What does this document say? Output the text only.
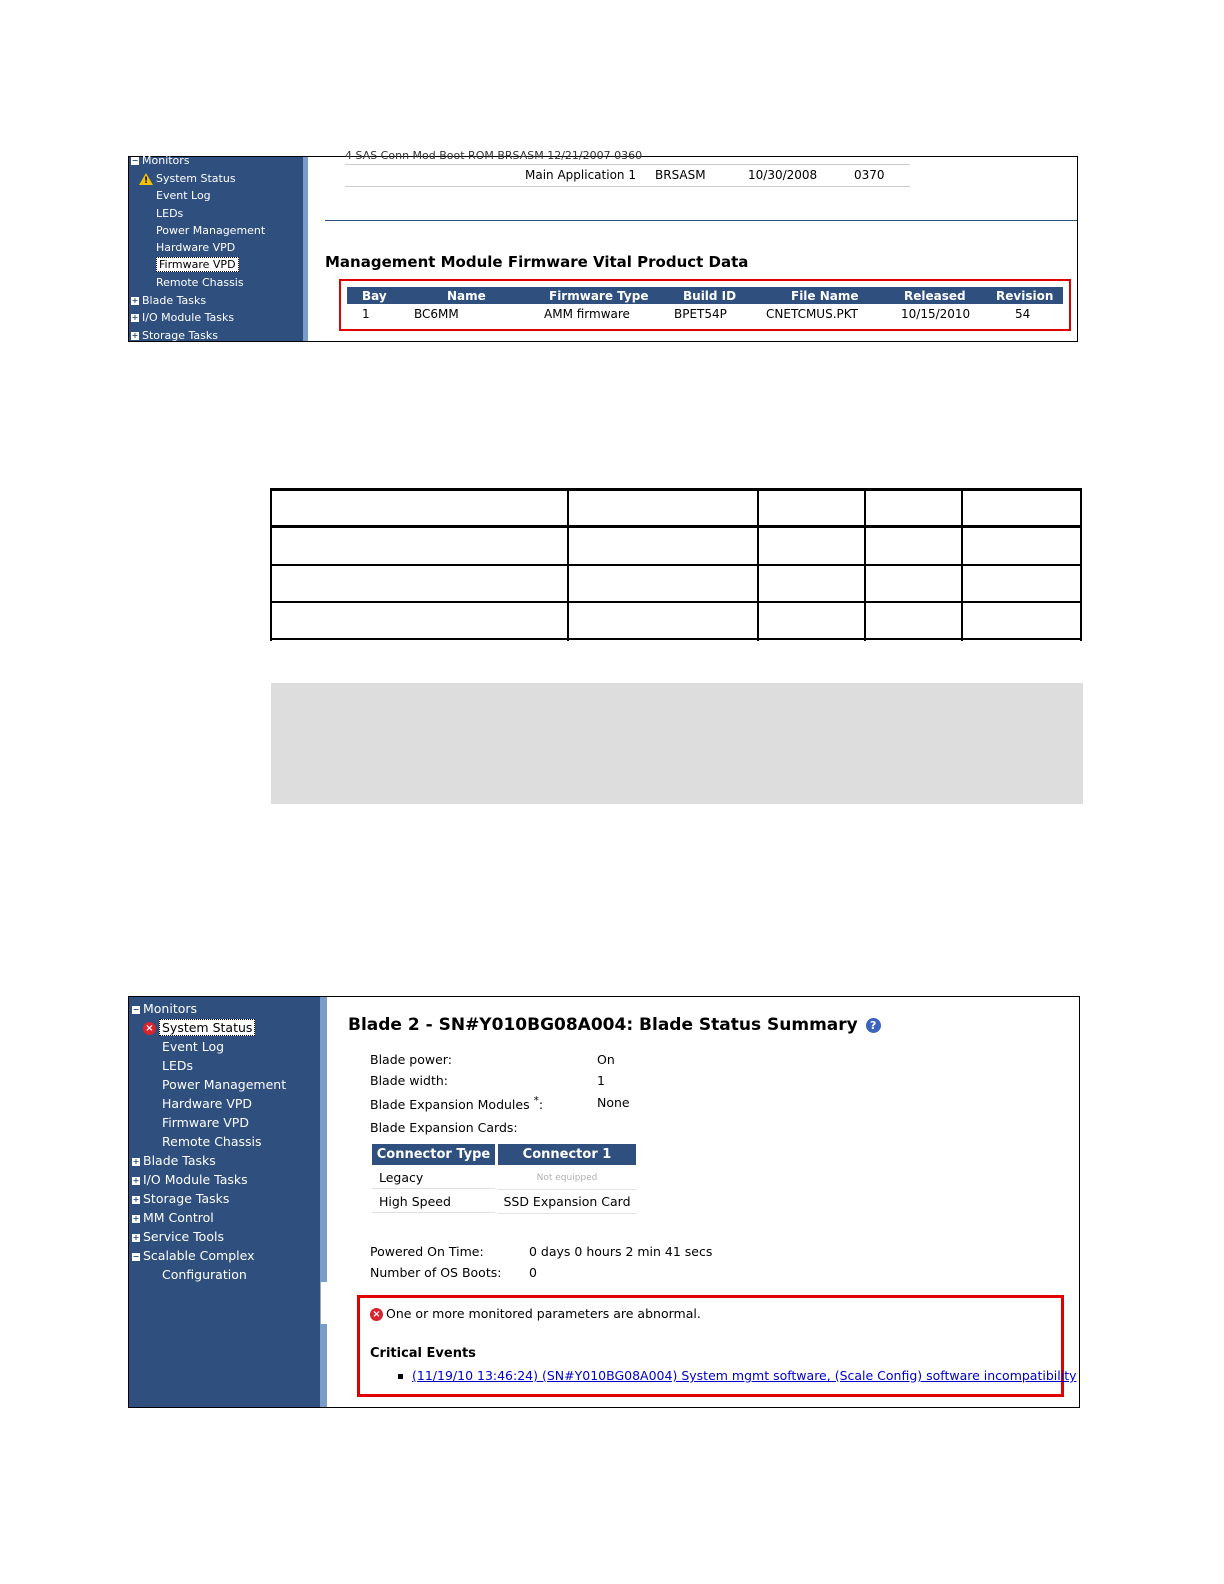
− Monitors
! System Status
Event Log
LEDs
Power Management
Hardware VPD
Firmware VPD
Remote Chassis
+ Blade Tasks
+ I/O Module Tasks
+ Storage Tasks
4 SAS Conn Mod Boot ROM BRSASM 12/21/2007 0360
Main Application 1 BRSASM	10/30/2008	0370
Management Module Firmware Vital Product Data
Bay	Name	Firmware Type	Build ID	File Name	Released	Revision
1	BC6MM	AMM firmware	BPET54P	CNETCMUS.PKT	10/15/2010	54
− Monitors
× System Status
Event Log
LEDs
Power Management
Hardware VPD
Firmware VPD
Remote Chassis
+ Blade Tasks
+ I/O Module Tasks
+ Storage Tasks
+ MM Control
+ Service Tools
− Scalable Complex
Configuration
Blade 2 - SN#Y010BG08A004: Blade Status Summary ?
Blade power:	On
Blade width:	1
Blade Expansion Modules *:	None
Blade Expansion Cards:
Connector Type	Connector 1
Legacy	Not equipped
High Speed	SSD Expansion Card
Powered On Time:	0 days 0 hours 2 min 41 secs
Number of OS Boots: 0
× One or more monitored parameters are abnormal.
Critical Events
(11/19/10 13:46:24) (SN#Y010BG08A004) System mgmt software, (Scale Config) software incompatibility
